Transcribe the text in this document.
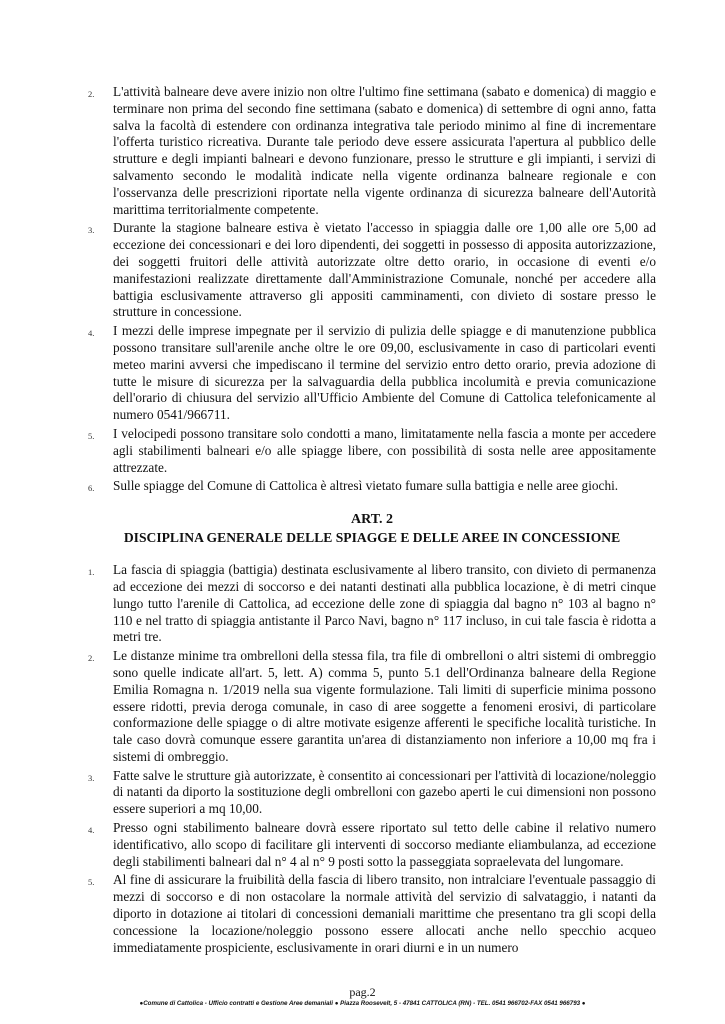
2. L'attività balneare deve avere inizio non oltre l'ultimo fine settimana (sabato e domenica) di maggio e terminare non prima del secondo fine settimana (sabato e domenica) di settembre di ogni anno, fatta salva la facoltà di estendere con ordinanza integrativa tale periodo minimo al fine di incrementare l'offerta turistico ricreativa. Durante tale periodo deve essere assicurata l'apertura al pubblico delle strutture e degli impianti balneari e devono funzionare, presso le strutture e gli impianti, i servizi di salvamento secondo le modalità indicate nella vigente ordinanza balneare regionale e con l'osservanza delle prescrizioni riportate nella vigente ordinanza di sicurezza balneare dell'Autorità marittima territorialmente competente.
3. Durante la stagione balneare estiva è vietato l'accesso in spiaggia dalle ore 1,00 alle ore 5,00 ad eccezione dei concessionari e dei loro dipendenti, dei soggetti in possesso di apposita autorizzazione, dei soggetti fruitori delle attività autorizzate oltre detto orario, in occasione di eventi e/o manifestazioni realizzate direttamente dall'Amministrazione Comunale, nonché per accedere alla battigia esclusivamente attraverso gli appositi camminamenti, con divieto di sostare presso le strutture in concessione.
4. I mezzi delle imprese impegnate per il servizio di pulizia delle spiagge e di manutenzione pubblica possono transitare sull'arenile anche oltre le ore 09,00, esclusivamente in caso di particolari eventi meteo marini avversi che impediscano il termine del servizio entro detto orario, previa adozione di tutte le misure di sicurezza per la salvaguardia della pubblica incolumità e previa comunicazione dell'orario di chiusura del servizio all'Ufficio Ambiente del Comune di Cattolica telefonicamente al numero 0541/966711.
5. I velocipedi possono transitare solo condotti a mano, limitatamente nella fascia a monte per accedere agli stabilimenti balneari e/o alle spiagge libere, con possibilità di sosta nelle aree appositamente attrezzate.
6. Sulle spiagge del Comune di Cattolica è altresì vietato fumare sulla battigia e nelle aree giochi.
ART. 2
DISCIPLINA GENERALE DELLE SPIAGGE E DELLE AREE IN CONCESSIONE
1. La fascia di spiaggia (battigia) destinata esclusivamente al libero transito, con divieto di permanenza ad eccezione dei mezzi di soccorso e dei natanti destinati alla pubblica locazione, è di metri cinque lungo tutto l'arenile di Cattolica, ad eccezione delle zone di spiaggia dal bagno n° 103 al bagno n° 110 e nel tratto di spiaggia antistante il Parco Navi, bagno n° 117 incluso, in cui tale fascia è ridotta a metri tre.
2. Le distanze minime tra ombrelloni della stessa fila, tra file di ombrelloni o altri sistemi di ombreggio sono quelle indicate all'art. 5, lett. A) comma 5, punto 5.1 dell'Ordinanza balneare della Regione Emilia Romagna n. 1/2019 nella sua vigente formulazione. Tali limiti di superficie minima possono essere ridotti, previa deroga comunale, in caso di aree soggette a fenomeni erosivi, di particolare conformazione delle spiagge o di altre motivate esigenze afferenti le specifiche località turistiche. In tale caso dovrà comunque essere garantita un'area di distanziamento non inferiore a 10,00 mq fra i sistemi di ombreggio.
3. Fatte salve le strutture già autorizzate, è consentito ai concessionari per l'attività di locazione/noleggio di natanti da diporto la sostituzione degli ombrelloni con gazebo aperti le cui dimensioni non possono essere superiori a mq 10,00.
4. Presso ogni stabilimento balneare dovrà essere riportato sul tetto delle cabine il relativo numero identificativo, allo scopo di facilitare gli interventi di soccorso mediante eliambulanza, ad eccezione degli stabilimenti balneari dal n° 4 al n° 9 posti sotto la passeggiata sopraelevata del lungomare.
5. Al fine di assicurare la fruibilità della fascia di libero transito, non intralciare l'eventuale passaggio di mezzi di soccorso e di non ostacolare la normale attività del servizio di salvataggio, i natanti da diporto in dotazione ai titolari di concessioni demaniali marittime che presentano tra gli scopi della concessione la locazione/noleggio possono essere allocati anche nello specchio acqueo immediatamente prospiciente, esclusivamente in orari diurni e in un numero
pag.2
●Comune di Cattolica - Ufficio contratti e Gestione Aree demaniali ● Piazza Roosevelt, 5 - 47841 CATTOLICA (RN) - TEL. 0541 966702-FAX 0541 966793 ●
